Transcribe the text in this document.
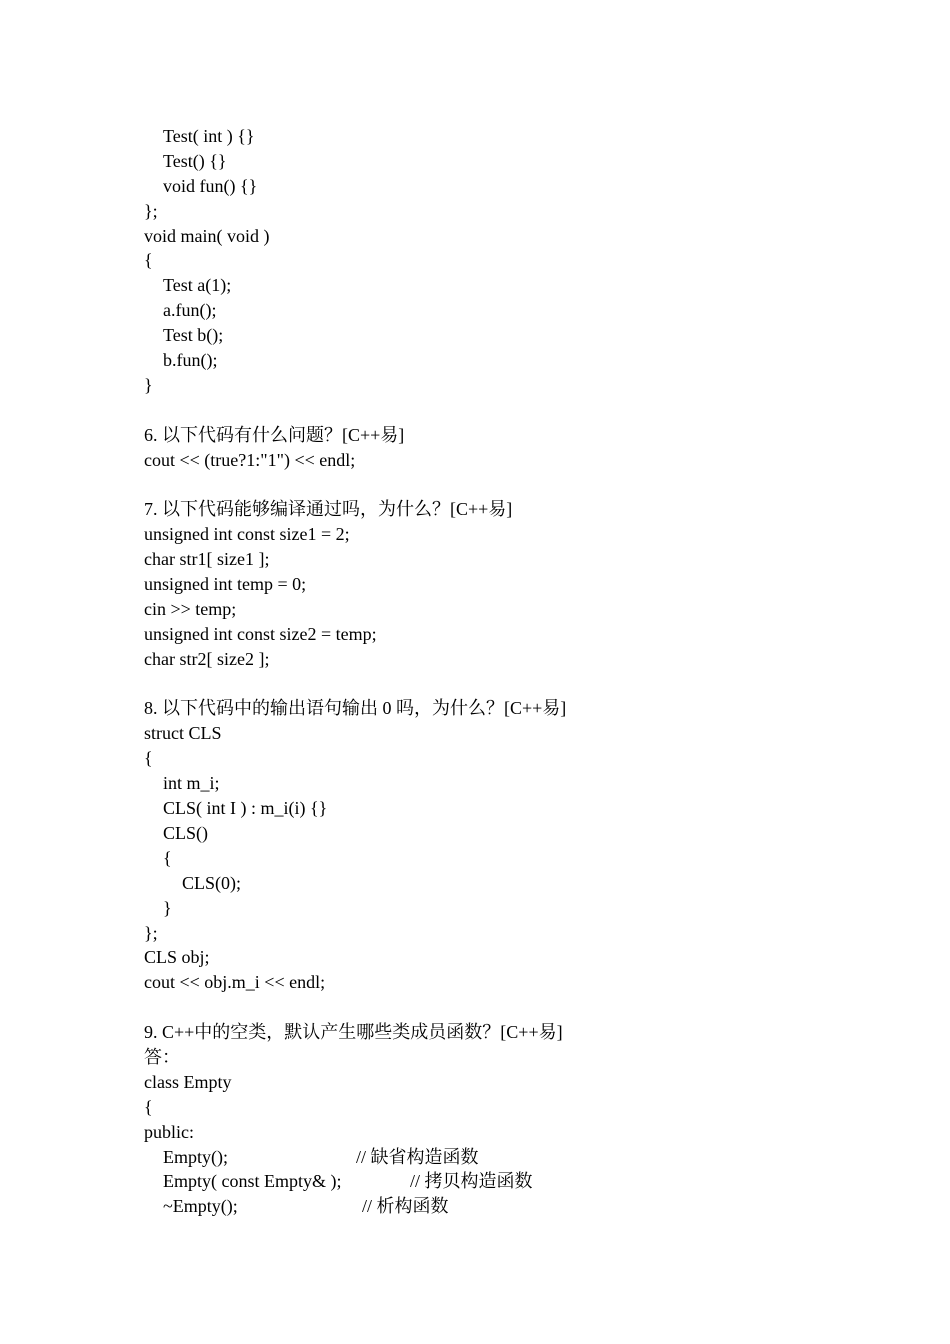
Test( int ) {}
Test() {}
void fun() {}
};
void main( void )
{
Test a(1);
a.fun();
Test b();
b.fun();
}
6. 以下代码有什么问题？[C++易]
cout << (true?1:"1") << endl;
7. 以下代码能够编译通过吗，为什么？[C++易]
unsigned int const size1 = 2;
char str1[ size1 ];
unsigned int temp = 0;
cin >> temp;
unsigned int const size2 = temp;
char str2[ size2 ];
8. 以下代码中的输出语句输出 0 吗，为什么？[C++易]
struct CLS
{
int m_i;
CLS( int I ) : m_i(i) {}
CLS()
{
CLS(0);
}
};
CLS obj;
cout << obj.m_i << endl;
9. C++中的空类，默认产生哪些类成员函数？[C++易]
答：
class Empty
{
public:
Empty();	// 缺省构造函数
Empty( const Empty& );	// 拷贝构造函数
~Empty();	// 析构函数
